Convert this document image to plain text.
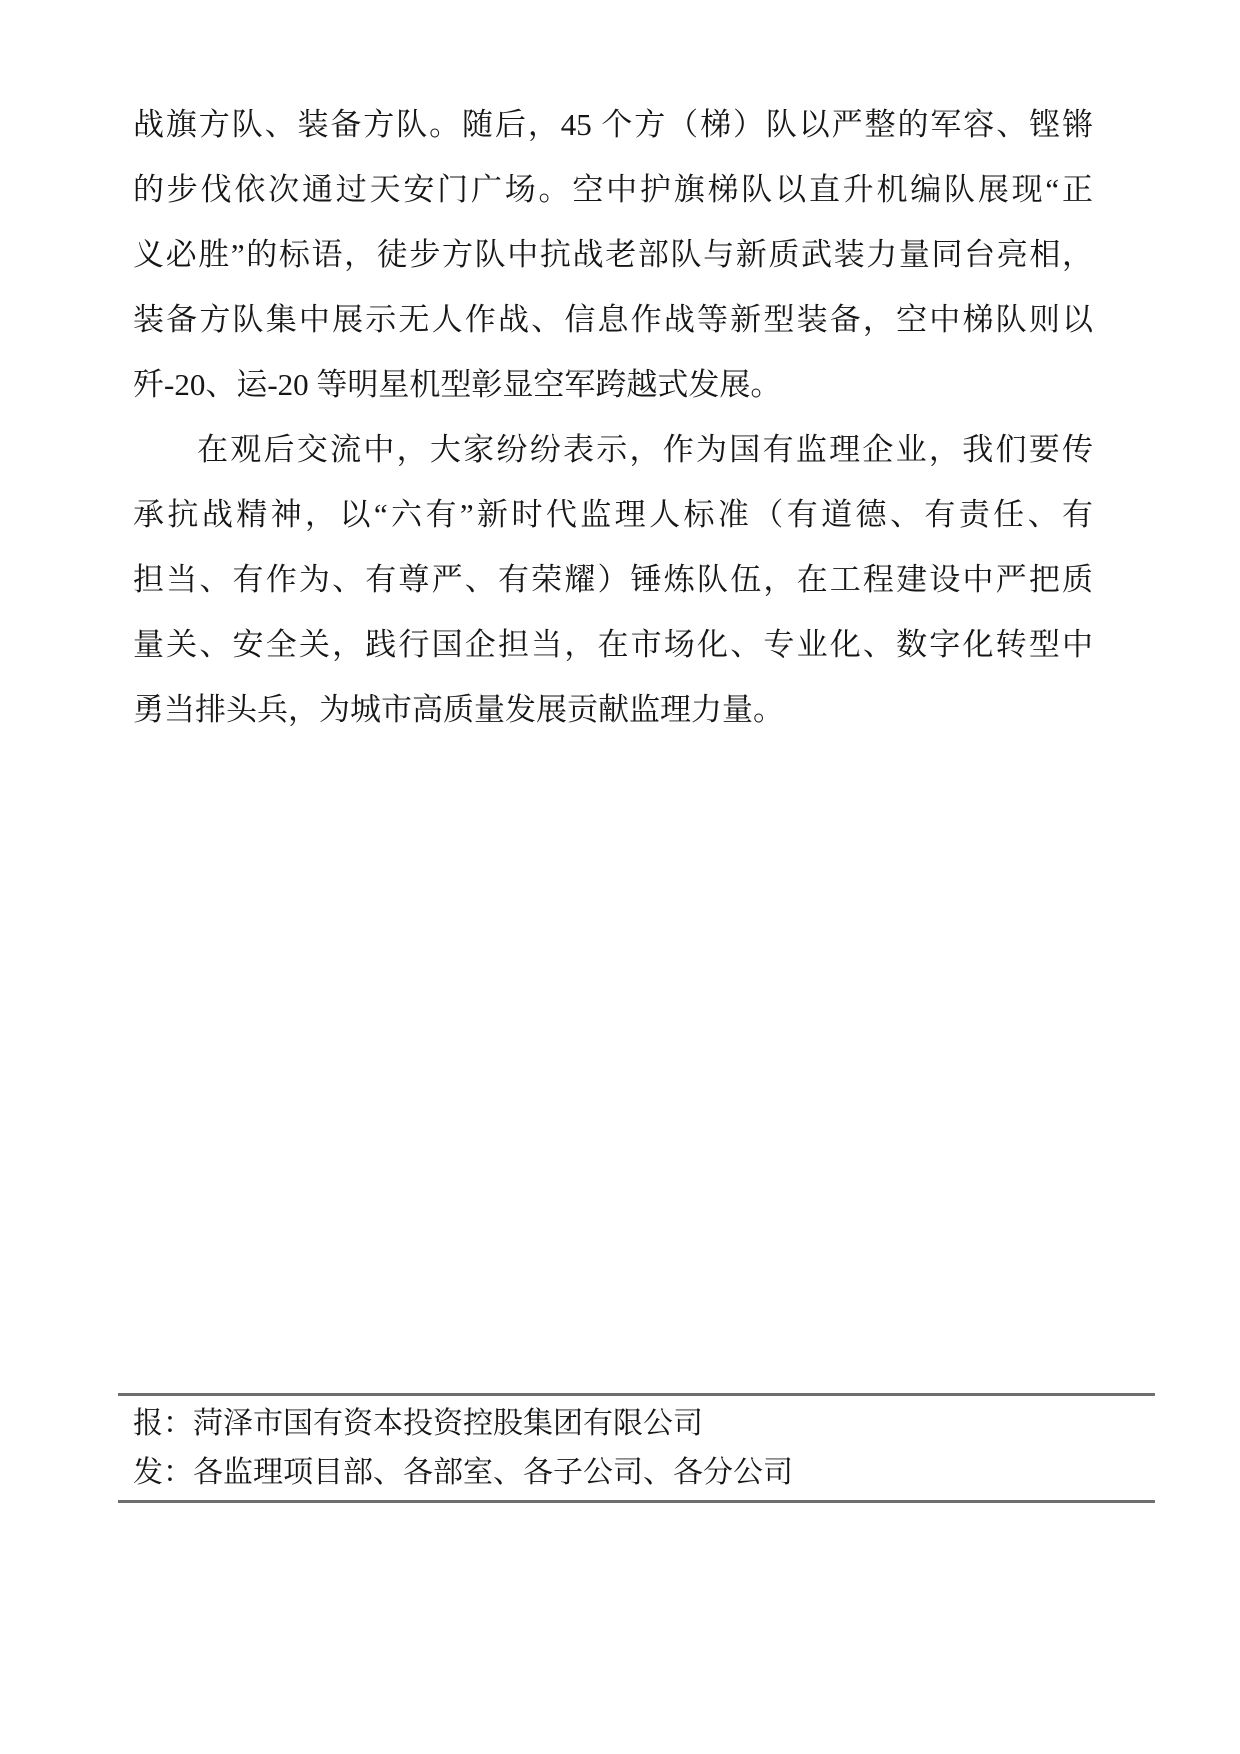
战旗方队、装备方队。随后，45 个方（梯）队以严整的军容、铿锵
的步伐依次通过天安门广场。空中护旗梯队以直升机编队展现“正
义必胜”的标语，徒步方队中抗战老部队与新质武装力量同台亮相，
装备方队集中展示无人作战、信息作战等新型装备，空中梯队则以
歼-20、运-20 等明星机型彰显空军跨越式发展。
在观后交流中，大家纷纷表示，作为国有监理企业，我们要传
承抗战精神，以“六有”新时代监理人标准（有道德、有责任、有
担当、有作为、有尊严、有荣耀）锤炼队伍，在工程建设中严把质
量关、安全关，践行国企担当，在市场化、专业化、数字化转型中
勇当排头兵，为城市高质量发展贡献监理力量。
报：菏泽市国有资本投资控股集团有限公司
发：各监理项目部、各部室、各子公司、各分公司
